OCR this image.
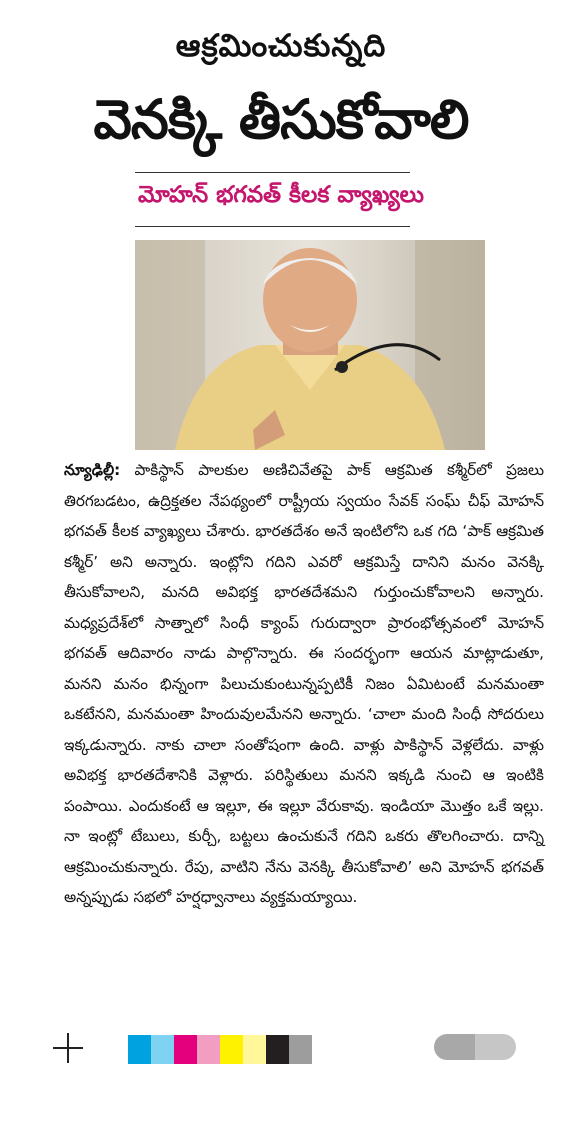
ఆక్రమించుకున్నది
వెనక్కి తీసుకోవాలి
మోహన్ భగవత్ కీలక వ్యాఖ్యలు
న్యూఢిల్లీ: పాకిస్థాన్ పాలకుల అణిచివేతపై పాక్ ఆక్రమిత కశ్మీర్‌లో ప్రజలు తిరగబడటం, ఉద్రిక్తతల నేపథ్యంలో రాష్ట్రీయ స్వయం సేవక్ సంఘ్ చీఫ్ మోహన్ భగవత్ కీలక వ్యాఖ్యలు చేశారు. భారతదేశం అనే ఇంటిలోని ఒక గది ‘పాక్ ఆక్రమిత కశ్మీర్’ అని అన్నారు. ఇంట్లోని గదిని ఎవరో ఆక్రమిస్తే దానిని మనం వెనక్కి తీసుకోవాలని, మనది అవిభక్త భారతదేశమని గుర్తుంచుకోవాలని అన్నారు. మధ్యప్రదేశ్‌లో సాత్నాలో సింధీ క్యాంప్ గురుద్వారా ప్రారంభోత్సవంలో మోహన్ భగవత్ ఆదివారం నాడు పాల్గొన్నారు. ఈ సందర్భంగా ఆయన మాట్లాడుతూ, మనని మనం భిన్నంగా పిలుచుకుంటున్నప్పటికీ నిజం ఏమిటంటే మనమంతా ఒకటేనని, మనమంతా హిందువులమేనని అన్నారు. ‘చాలా మంది సింధీ సోదరులు ఇక్కడున్నారు. నాకు చాలా సంతోషంగా ఉంది. వాళ్లు పాకిస్థాన్ వెళ్లలేదు. వాళ్లు అవిభక్త భారతదేశానికి వెళ్లారు. పరిస్థితులు మనని ఇక్కడి నుంచి ఆ ఇంటికి పంపాయి. ఎందుకంటే ఆ ఇల్లూ, ఈ ఇల్లూ వేరుకావు. ఇండియా మొత్తం ఒకే ఇల్లు. నా ఇంట్లో టేబులు, కుర్చీ, బట్టలు ఉంచుకునే గదిని ఒకరు తొలగించారు. దాన్ని ఆక్రమించుకున్నారు. రేపు, వాటిని నేను వెనక్కి తీసుకోవాలి’ అని మోహన్ భగవత్ అన్నప్పుడు సభలో హర్షధ్వానాలు వ్యక్తమయ్యాయి.
